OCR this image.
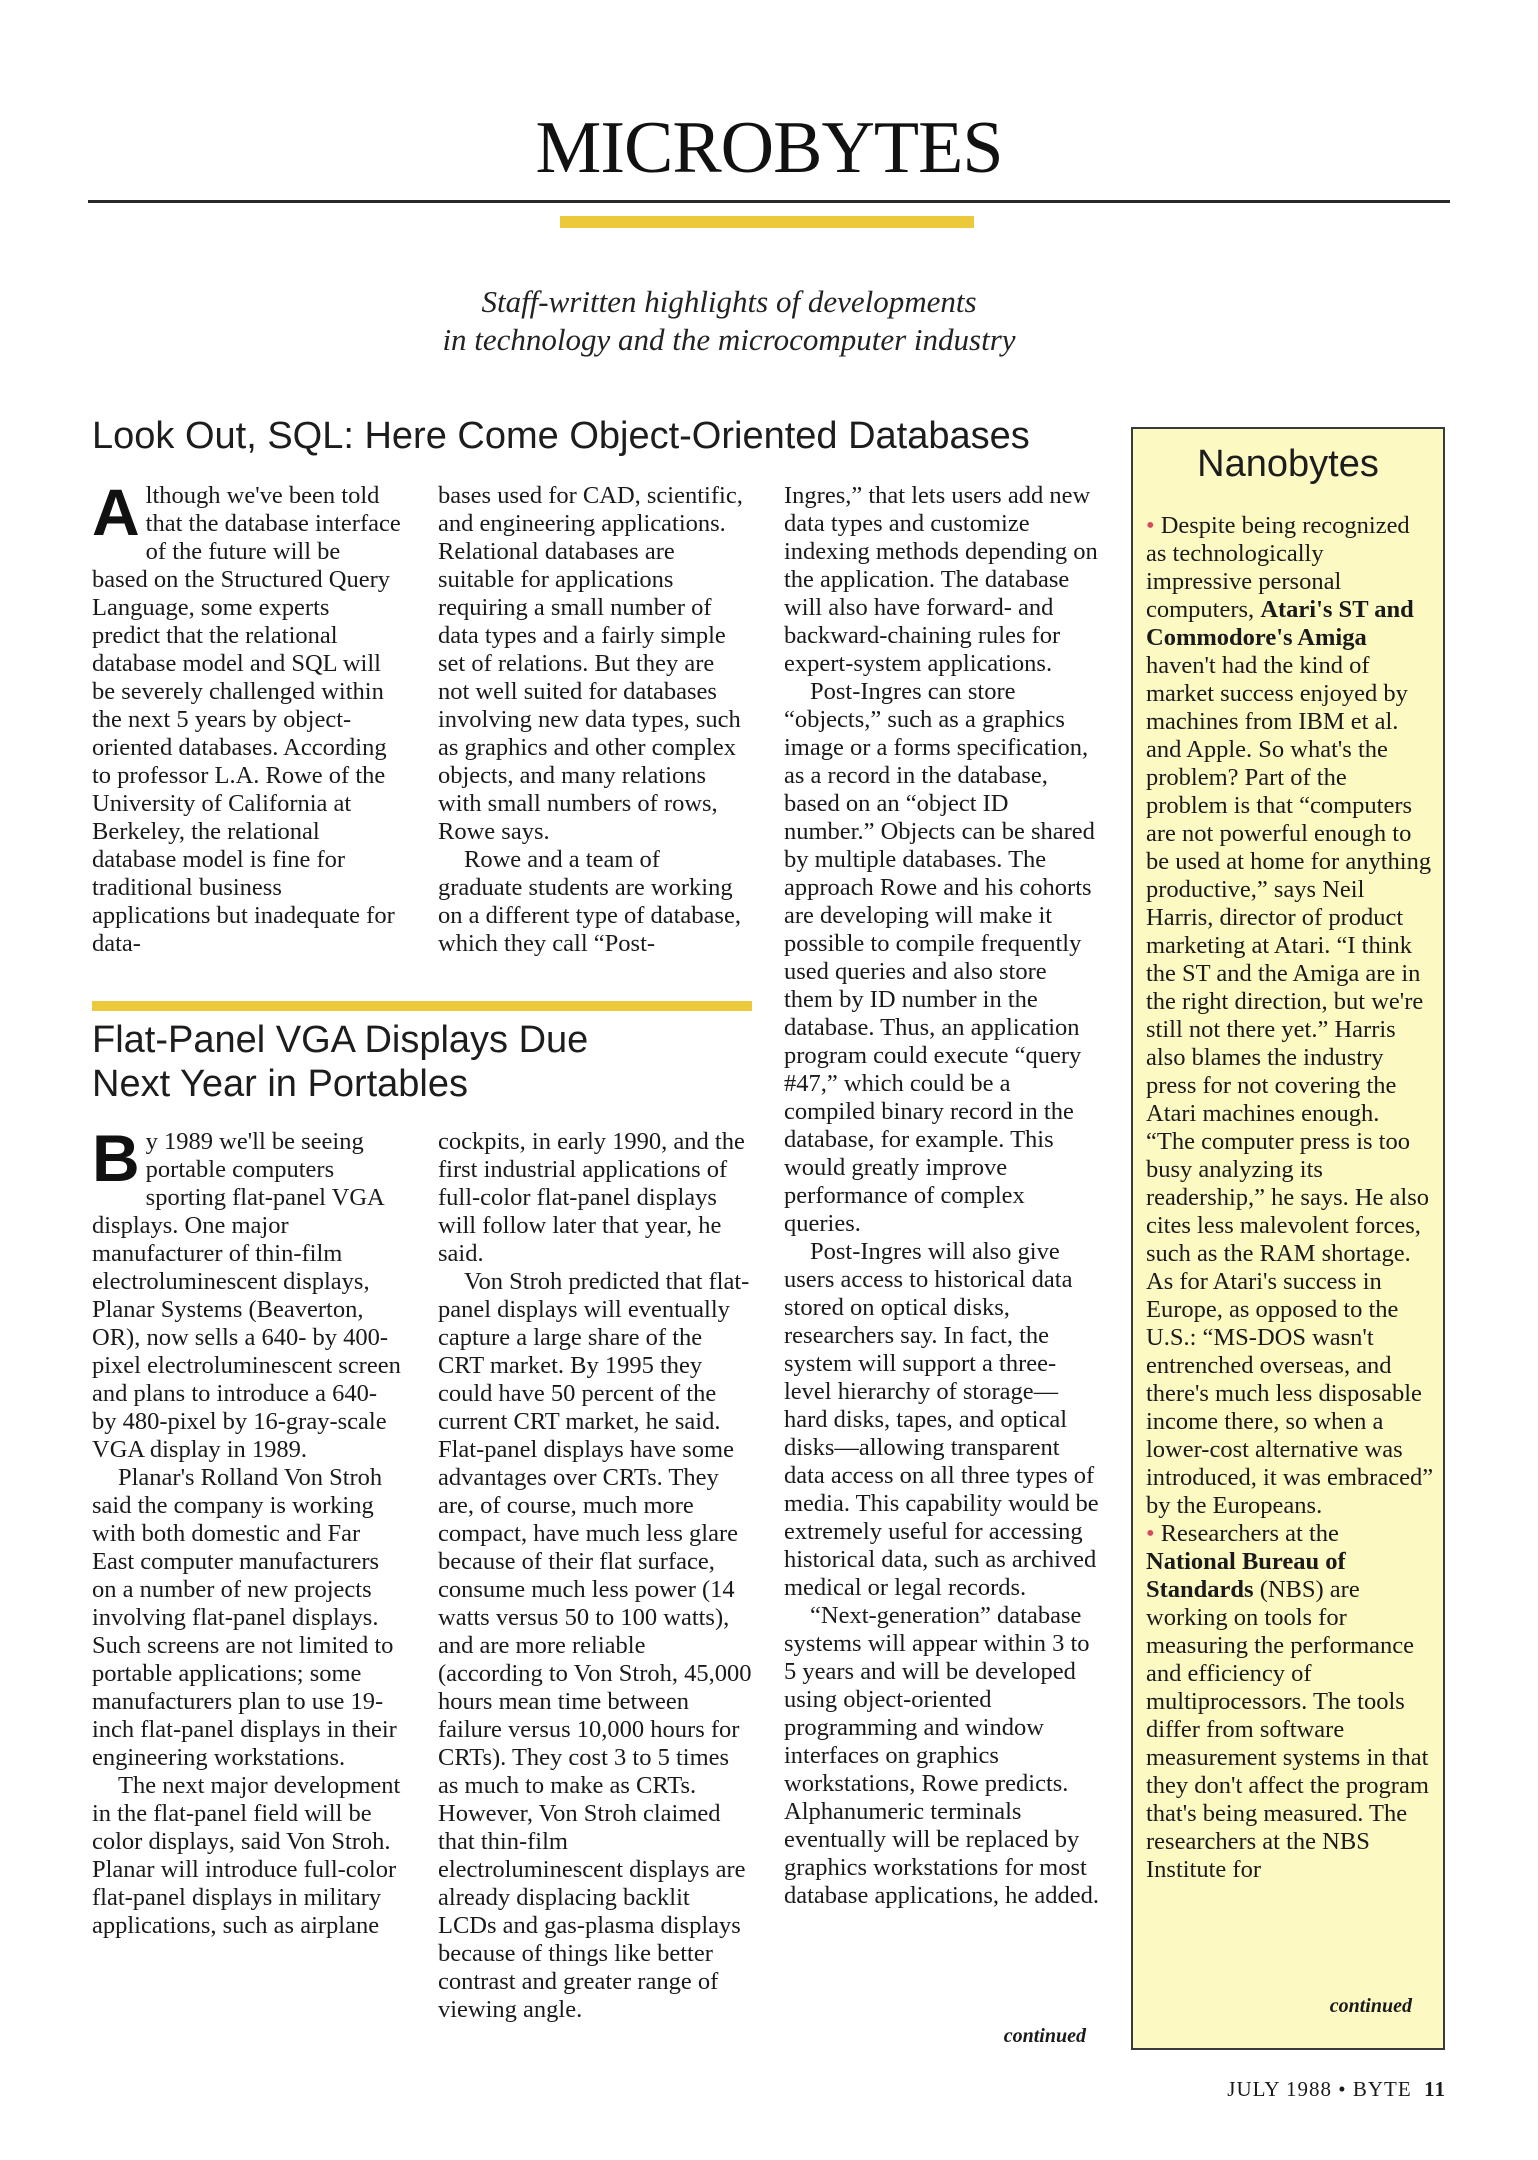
MICROBYTES
Staff-written highlights of developments
in technology and the microcomputer industry
Look Out, SQL: Here Come Object-Oriented Databases

Although we've been told that the database interface of the future will be based on the Structured Query Language, some experts predict that the relational database model and SQL will be severely challenged within the next 5 years by object-oriented databases. According to professor L.A. Rowe of the University of California at Berkeley, the relational database model is fine for traditional business applications but inadequate for data-

bases used for CAD, scientific, and engineering applications. Relational databases are suitable for applications requiring a small number of data types and a fairly simple set of relations. But they are not well suited for databases involving new data types, such as graphics and other complex objects, and many relations with small numbers of rows, Rowe says.

Rowe and a team of graduate students are working on a different type of database, which they call “Post-

Ingres,” that lets users add new data types and customize indexing methods depending on the application. The database will also have forward- and backward-chaining rules for expert-system applications.

Post-Ingres can store “objects,” such as a graphics image or a forms specification, as a record in the database, based on an “object ID number.” Objects can be shared by multiple databases. The approach Rowe and his cohorts are developing will make it possible to compile frequently used queries and also store them by ID number in the database. Thus, an application program could execute “query #47,” which could be a compiled binary record in the database, for example. This would greatly improve performance of complex queries.

Post-Ingres will also give users access to historical data stored on optical disks, researchers say. In fact, the system will support a three-level hierarchy of storage—hard disks, tapes, and optical disks—allowing transparent data access on all three types of media. This capability would be extremely useful for accessing historical data, such as archived medical or legal records.

“Next-generation” database systems will appear within 3 to 5 years and will be developed using object-oriented programming and window interfaces on graphics workstations, Rowe predicts. Alphanumeric terminals eventually will be replaced by graphics workstations for most database applications, he added.

continued
Flat-Panel VGA Displays Due
Next Year in Portables

By 1989 we'll be seeing portable computers sporting flat-panel VGA displays. One major manufacturer of thin-film electroluminescent displays, Planar Systems (Beaverton, OR), now sells a 640- by 400-pixel electroluminescent screen and plans to introduce a 640- by 480-pixel by 16-gray-scale VGA display in 1989.

Planar's Rolland Von Stroh said the company is working with both domestic and Far East computer manufacturers on a number of new projects involving flat-panel displays. Such screens are not limited to portable applications; some manufacturers plan to use 19-inch flat-panel displays in their engineering workstations.

The next major development in the flat-panel field will be color displays, said Von Stroh. Planar will introduce full-color flat-panel displays in military applications, such as airplane

cockpits, in early 1990, and the first industrial applications of full-color flat-panel displays will follow later that year, he said.

Von Stroh predicted that flat-panel displays will eventually capture a large share of the CRT market. By 1995 they could have 50 percent of the current CRT market, he said. Flat-panel displays have some advantages over CRTs. They are, of course, much more compact, have much less glare because of their flat surface, consume much less power (14 watts versus 50 to 100 watts), and are more reliable (according to Von Stroh, 45,000 hours mean time between failure versus 10,000 hours for CRTs). They cost 3 to 5 times as much to make as CRTs. However, Von Stroh claimed that thin-film electroluminescent displays are already displacing backlit LCDs and gas-plasma displays because of things like better contrast and greater range of viewing angle.

Nanobytes

• Despite being recognized as technologically impressive personal computers, Atari's ST and Commodore's Amiga haven't had the kind of market success enjoyed by machines from IBM et al. and Apple. So what's the problem? Part of the problem is that “computers are not powerful enough to be used at home for anything productive,” says Neil Harris, director of product marketing at Atari. “I think the ST and the Amiga are in the right direction, but we're still not there yet.” Harris also blames the industry press for not covering the Atari machines enough. “The computer press is too busy analyzing its readership,” he says. He also cites less malevolent forces, such as the RAM shortage. As for Atari's success in Europe, as opposed to the U.S.: “MS-DOS wasn't entrenched overseas, and there's much less disposable income there, so when a lower-cost alternative was introduced, it was embraced” by the Europeans.

• Researchers at the National Bureau of Standards (NBS) are working on tools for measuring the performance and efficiency of multiprocessors. The tools differ from software measurement systems in that they don't affect the program that's being measured. The researchers at the NBS Institute for

continued
JULY 1988 • BYTE 11
